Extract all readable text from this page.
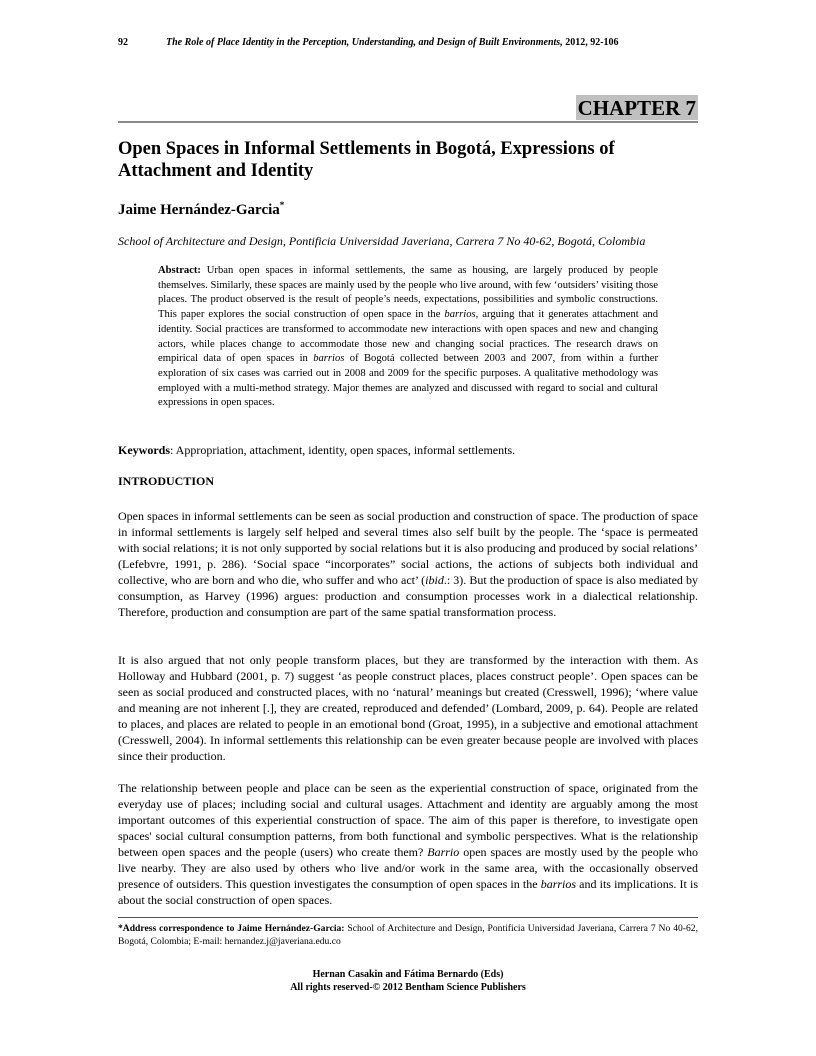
92	The Role of Place Identity in the Perception, Understanding, and Design of Built Environments, 2012, 92-106
CHAPTER 7
Open Spaces in Informal Settlements in Bogotá, Expressions of Attachment and Identity
Jaime Hernández-Garcia*
School of Architecture and Design, Pontificia Universidad Javeriana, Carrera 7 No 40-62, Bogotá, Colombia

Abstract: Urban open spaces in informal settlements, the same as housing, are largely produced by people themselves. Similarly, these spaces are mainly used by the people who live around, with few ‘outsiders’ visiting those places. The product observed is the result of people’s needs, expectations, possibilities and symbolic constructions. This paper explores the social construction of open space in the barrios, arguing that it generates attachment and identity. Social practices are transformed to accommodate new interactions with open spaces and new and changing actors, while places change to accommodate those new and changing social practices. The research draws on empirical data of open spaces in barrios of Bogotá collected between 2003 and 2007, from within a further exploration of six cases was carried out in 2008 and 2009 for the specific purposes. A qualitative methodology was employed with a multi-method strategy. Major themes are analyzed and discussed with regard to social and cultural expressions in open spaces.

Keywords: Appropriation, attachment, identity, open spaces, informal settlements.

INTRODUCTION

Open spaces in informal settlements can be seen as social production and construction of space. The production of space in informal settlements is largely self helped and several times also self built by the people. The ‘space is permeated with social relations; it is not only supported by social relations but it is also producing and produced by social relations’ (Lefebvre, 1991, p. 286). ‘Social space “incorporates” social actions, the actions of subjects both individual and collective, who are born and who die, who suffer and who act’ (ibid.: 3). But the production of space is also mediated by consumption, as Harvey (1996) argues: production and consumption processes work in a dialectical relationship. Therefore, production and consumption are part of the same spatial transformation process.

It is also argued that not only people transform places, but they are transformed by the interaction with them. As Holloway and Hubbard (2001, p. 7) suggest ‘as people construct places, places construct people’. Open spaces can be seen as social produced and constructed places, with no ‘natural’ meanings but created (Cresswell, 1996); ‘where value and meaning are not inherent [.], they are created, reproduced and defended’ (Lombard, 2009, p. 64). People are related to places, and places are related to people in an emotional bond (Groat, 1995), in a subjective and emotional attachment (Cresswell, 2004). In informal settlements this relationship can be even greater because people are involved with places since their production.

The relationship between people and place can be seen as the experiential construction of space, originated from the everyday use of places; including social and cultural usages. Attachment and identity are arguably among the most important outcomes of this experiential construction of space. The aim of this paper is therefore, to investigate open spaces' social cultural consumption patterns, from both functional and symbolic perspectives. What is the relationship between open spaces and the people (users) who create them? Barrio open spaces are mostly used by the people who live nearby. They are also used by others who live and/or work in the same area, with the occasionally observed presence of outsiders. This question investigates the consumption of open spaces in the barrios and its implications. It is about the social construction of open spaces.

*Address correspondence to Jaime Hernández-Garcia: School of Architecture and Design, Pontificia Universidad Javeriana, Carrera 7 No 40-62, Bogotá, Colombia; E-mail: hernandez.j@javeriana.edu.co

Hernan Casakin and Fátima Bernardo (Eds)
All rights reserved-© 2012 Bentham Science Publishers
